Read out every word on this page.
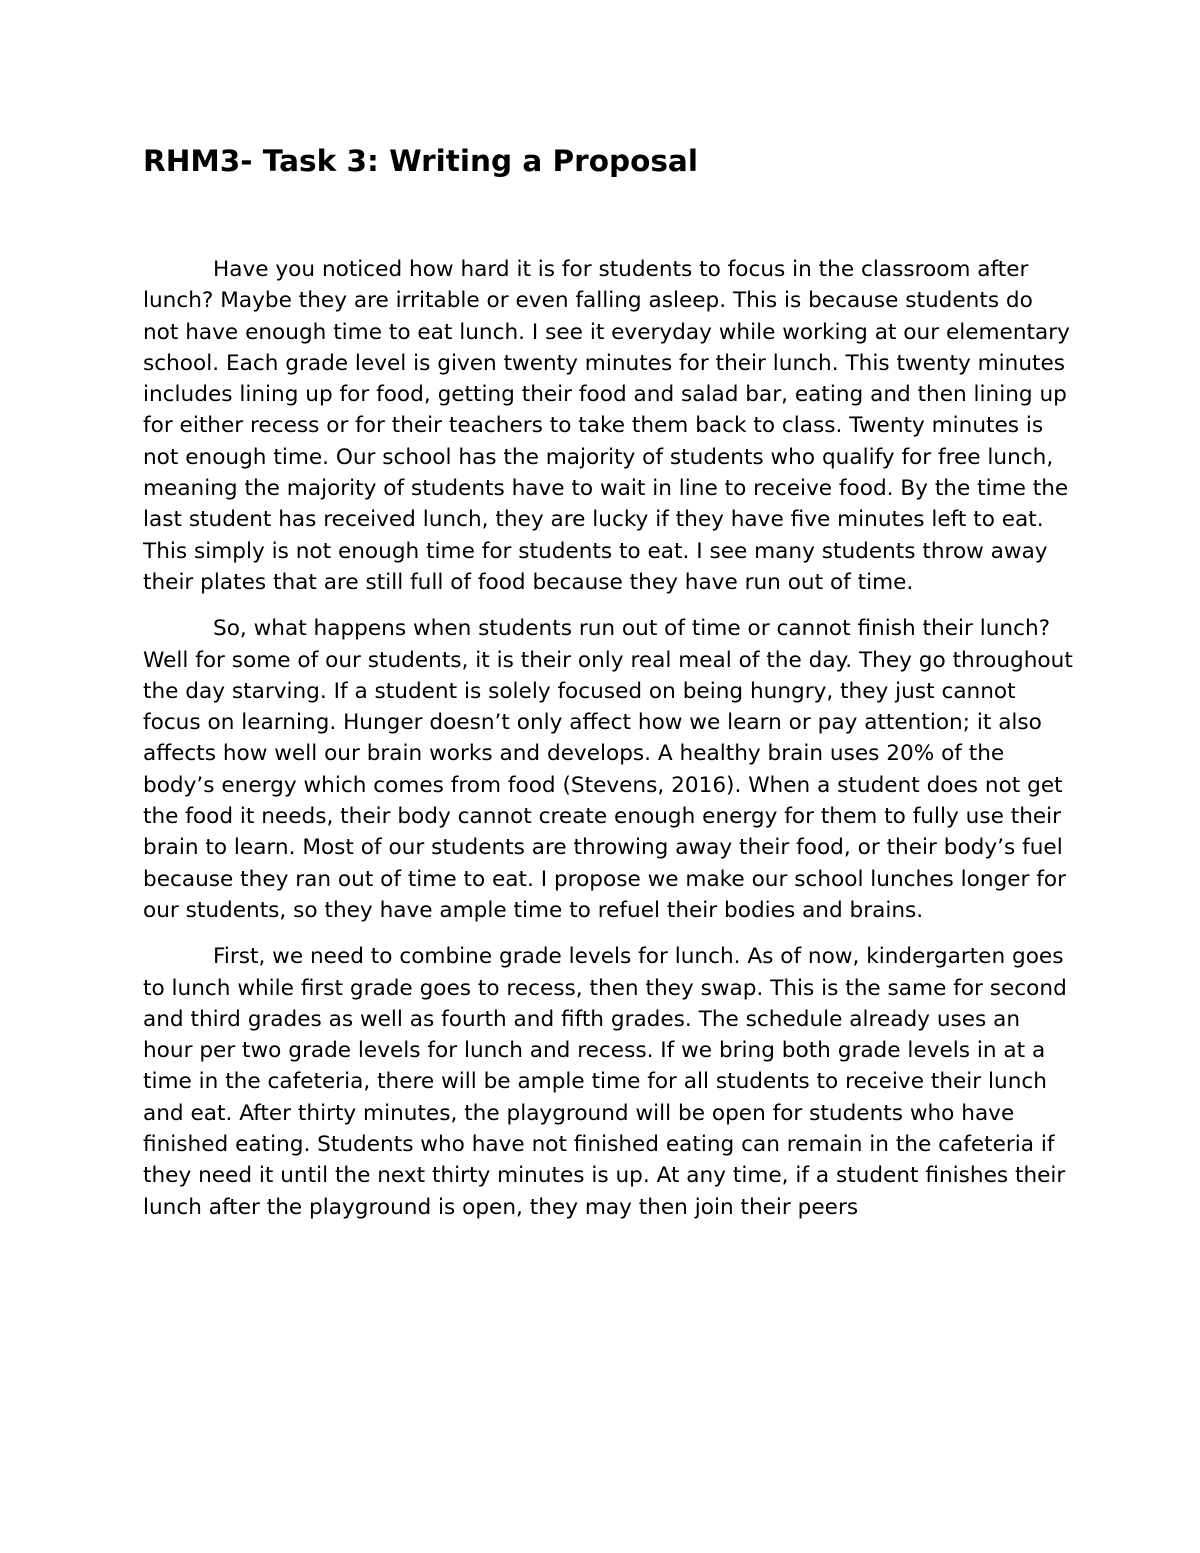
RHM3- Task 3: Writing a Proposal

Have you noticed how hard it is for students to focus in the classroom after lunch? Maybe they are irritable or even falling asleep. This is because students do not have enough time to eat lunch. I see it everyday while working at our elementary school. Each grade level is given twenty minutes for their lunch. This twenty minutes includes lining up for food, getting their food and salad bar, eating and then lining up for either recess or for their teachers to take them back to class. Twenty minutes is not enough time. Our school has the majority of students who qualify for free lunch, meaning the majority of students have to wait in line to receive food. By the time the last student has received lunch, they are lucky if they have five minutes left to eat. This simply is not enough time for students to eat. I see many students throw away their plates that are still full of food because they have run out of time.

So, what happens when students run out of time or cannot finish their lunch? Well for some of our students, it is their only real meal of the day. They go throughout the day starving. If a student is solely focused on being hungry, they just cannot focus on learning. Hunger doesn’t only affect how we learn or pay attention; it also affects how well our brain works and develops. A healthy brain uses 20% of the body’s energy which comes from food (Stevens, 2016). When a student does not get the food it needs, their body cannot create enough energy for them to fully use their brain to learn. Most of our students are throwing away their food, or their body’s fuel because they ran out of time to eat. I propose we make our school lunches longer for our students, so they have ample time to refuel their bodies and brains.

First, we need to combine grade levels for lunch. As of now, kindergarten goes to lunch while first grade goes to recess, then they swap. This is the same for second and third grades as well as fourth and fifth grades. The schedule already uses an hour per two grade levels for lunch and recess. If we bring both grade levels in at a time in the cafeteria, there will be ample time for all students to receive their lunch and eat. After thirty minutes, the playground will be open for students who have finished eating. Students who have not finished eating can remain in the cafeteria if they need it until the next thirty minutes is up. At any time, if a student finishes their lunch after the playground is open, they may then join their peers
